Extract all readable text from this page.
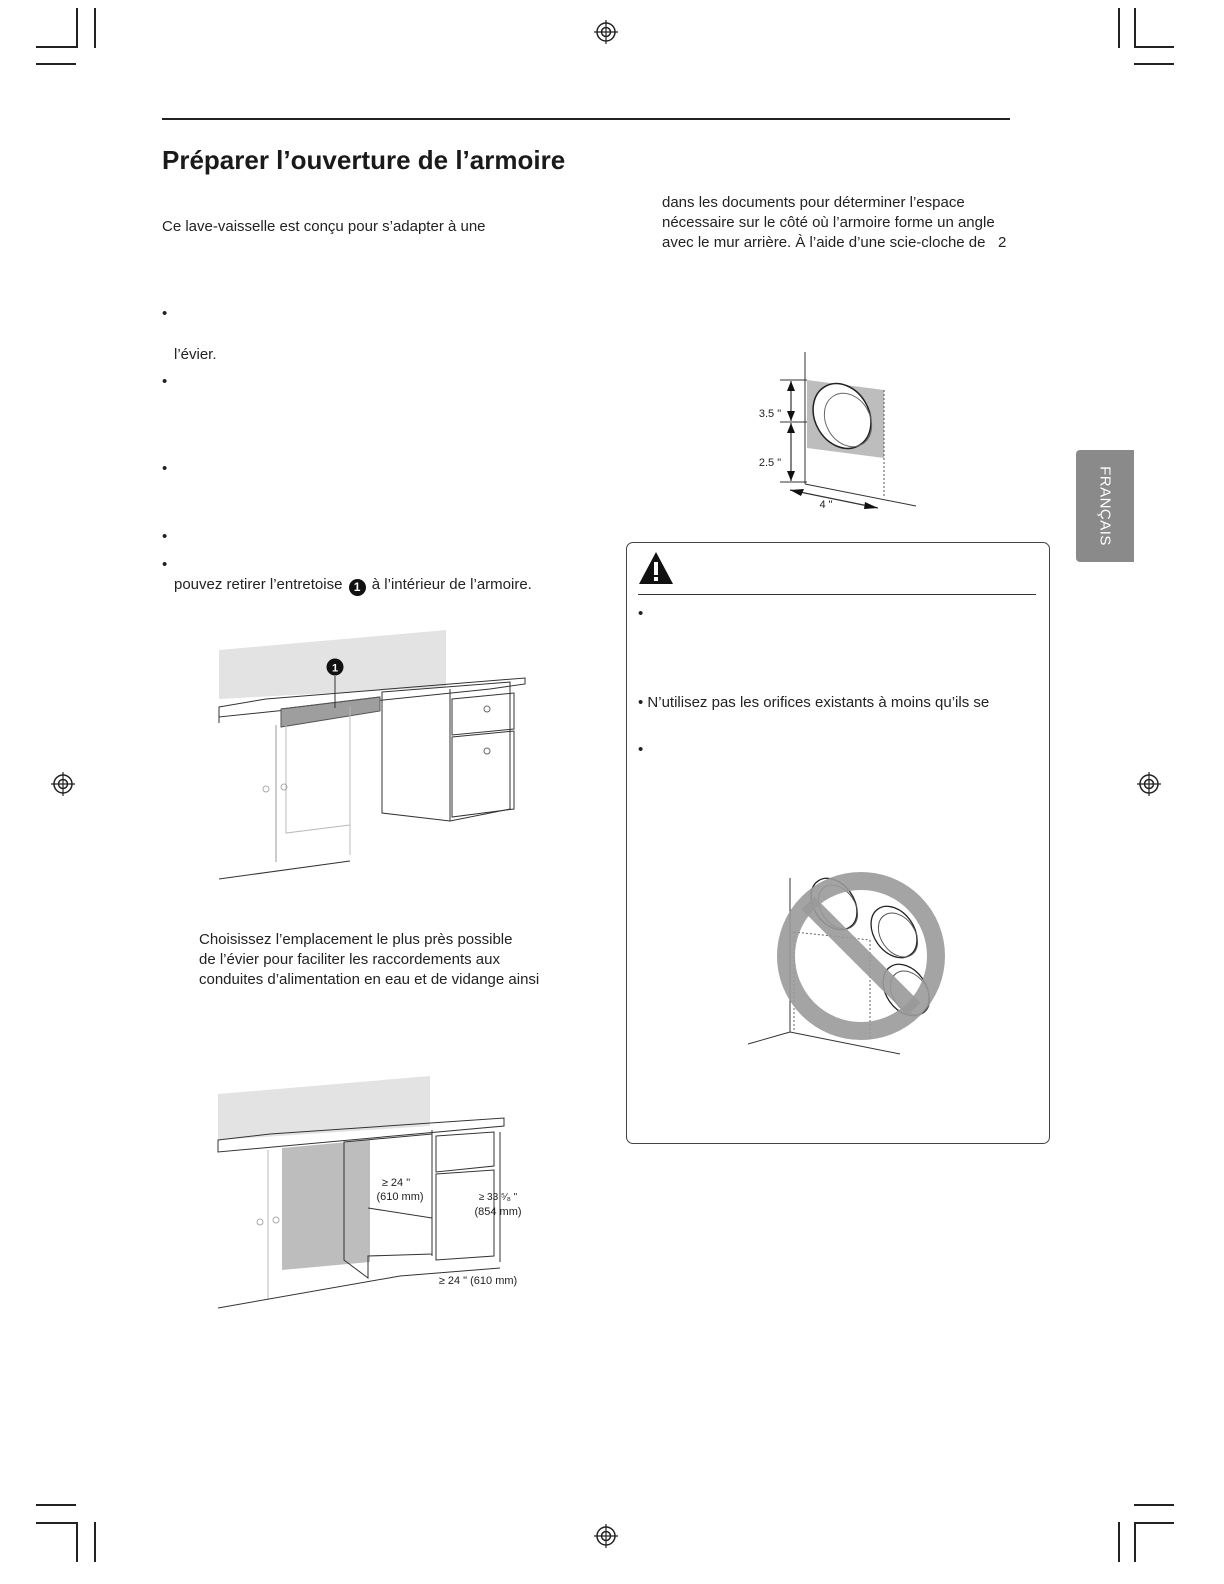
Préparer l’ouverture de l’armoire
Ce lave-vaisselle est conçu pour s’adapter à une
•
l’évier.
•
•
•
•
pouvez retirer l’entretoise 1 à l’intérieur de l’armoire.
1
Choisissez l’emplacement le plus près possible
de l’évier pour faciliter les raccordements aux
conduites d’alimentation en eau et de vidange ainsi
≥ 24 "
(610 mm)	≥ 33 ⁵⁄₈ "
(854 mm)
≥ 24 " (610 mm)
dans les documents pour déterminer l’espace
nécessaire sur le côté où l’armoire forme un angle
avec le mur arrière. À l’aide d’une scie-cloche de   2
3.5 "
2.5 "
4 "	FRANÇAIS
•
• N’utilisez pas les orifices existants à moins qu’ils se
•
